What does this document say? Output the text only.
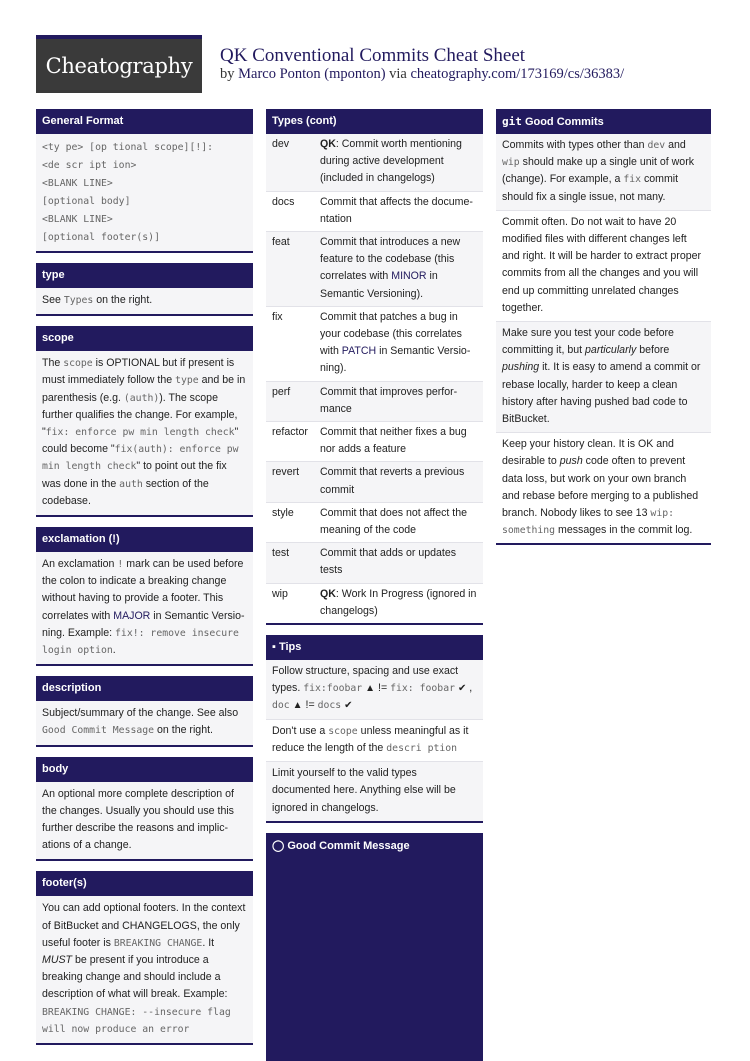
Cheatography QK Conventional Commits Cheat Sheet
by Marco Ponton (mponton) via cheatography.com/173169/cs/36383/
General Format
<ty pe> [op tional scope][!]:
<de scr ipt ion>
<BLANK LINE>
[optional body]
<BLANK LINE>
[optional footer(s)]
type
See Types on the right.
scope
The scope is OPTIONAL but if present is must immediately follow the type and be in parenthesis (e.g. (auth)). The scope further qualifies the change. For example, "fix: enforce pw min length check" could become "fix(auth): enforce pw min length check" to point out the fix was done in the auth section of the codebase.
exclamation (!)
An exclamation ! mark can be used before the colon to indicate a breaking change without having to provide a footer. This correlates with MAJOR in Semantic Versio- ning. Example: fix!: remove insecure login option.
description
Subject/summary of the change. See also Good Commit Message on the right.
body
An optional more complete description of the changes. Usually you should use this further describe the reasons and implic- ations of a change.
footer(s)
You can add optional footers. In the context of BitBucket and CHANGELOGS, the only useful footer is BREAKING CHANGE. It MUST be present if you introduce a breaking change and should include a description of what will break. Example: BREAKING CHANGE: --insecure flag will now produce an error
Types (cont)
dev	QK: Commit worth mentioning during active development (included in changelogs)
docs	Commit that affects the docume- ntation
feat	Commit that introduces a new feature to the codebase (this correlates with MINOR in Semantic Versioning).
fix	Commit that patches a bug in your codebase (this correlates with PATCH in Semantic Versio- ning).
perf	Commit that improves perfor- mance
refactor	Commit that neither fixes a bug nor adds a feature
revert	Commit that reverts a previous commit
style	Commit that does not affect the meaning of the code
test	Commit that adds or updates tests
wip	QK: Work In Progress (ignored in changelogs)
▪ Tips
Follow structure, spacing and use exact types. fix:foobar ▲ != fix: foobar ✔ , doc ▲ != docs ✔
Don't use a scope unless meaningful as it reduce the length of the descri ption
Limit yourself to the valid types documented here. Anything else will be ignored in changelogs.
◯ Good Commit Message
git Good Commits
Commits with types other than dev and wip should make up a single unit of work (change). For example, a fix commit should fix a single issue, not many.
Commit often. Do not wait to have 20 modified files with different changes left and right. It will be harder to extract proper commits from all the changes and you will end up committing unrelated changes together.
Make sure you test your code before committing it, but particularly before pushing it. It is easy to amend a commit or rebase locally, harder to keep a clean history after having pushed bad code to BitBucket.
Keep your history clean. It is OK and desirable to push code often to prevent data loss, but work on your own branch and rebase before merging to a published branch. Nobody likes to see 13 wip: something messages in the commit log.
